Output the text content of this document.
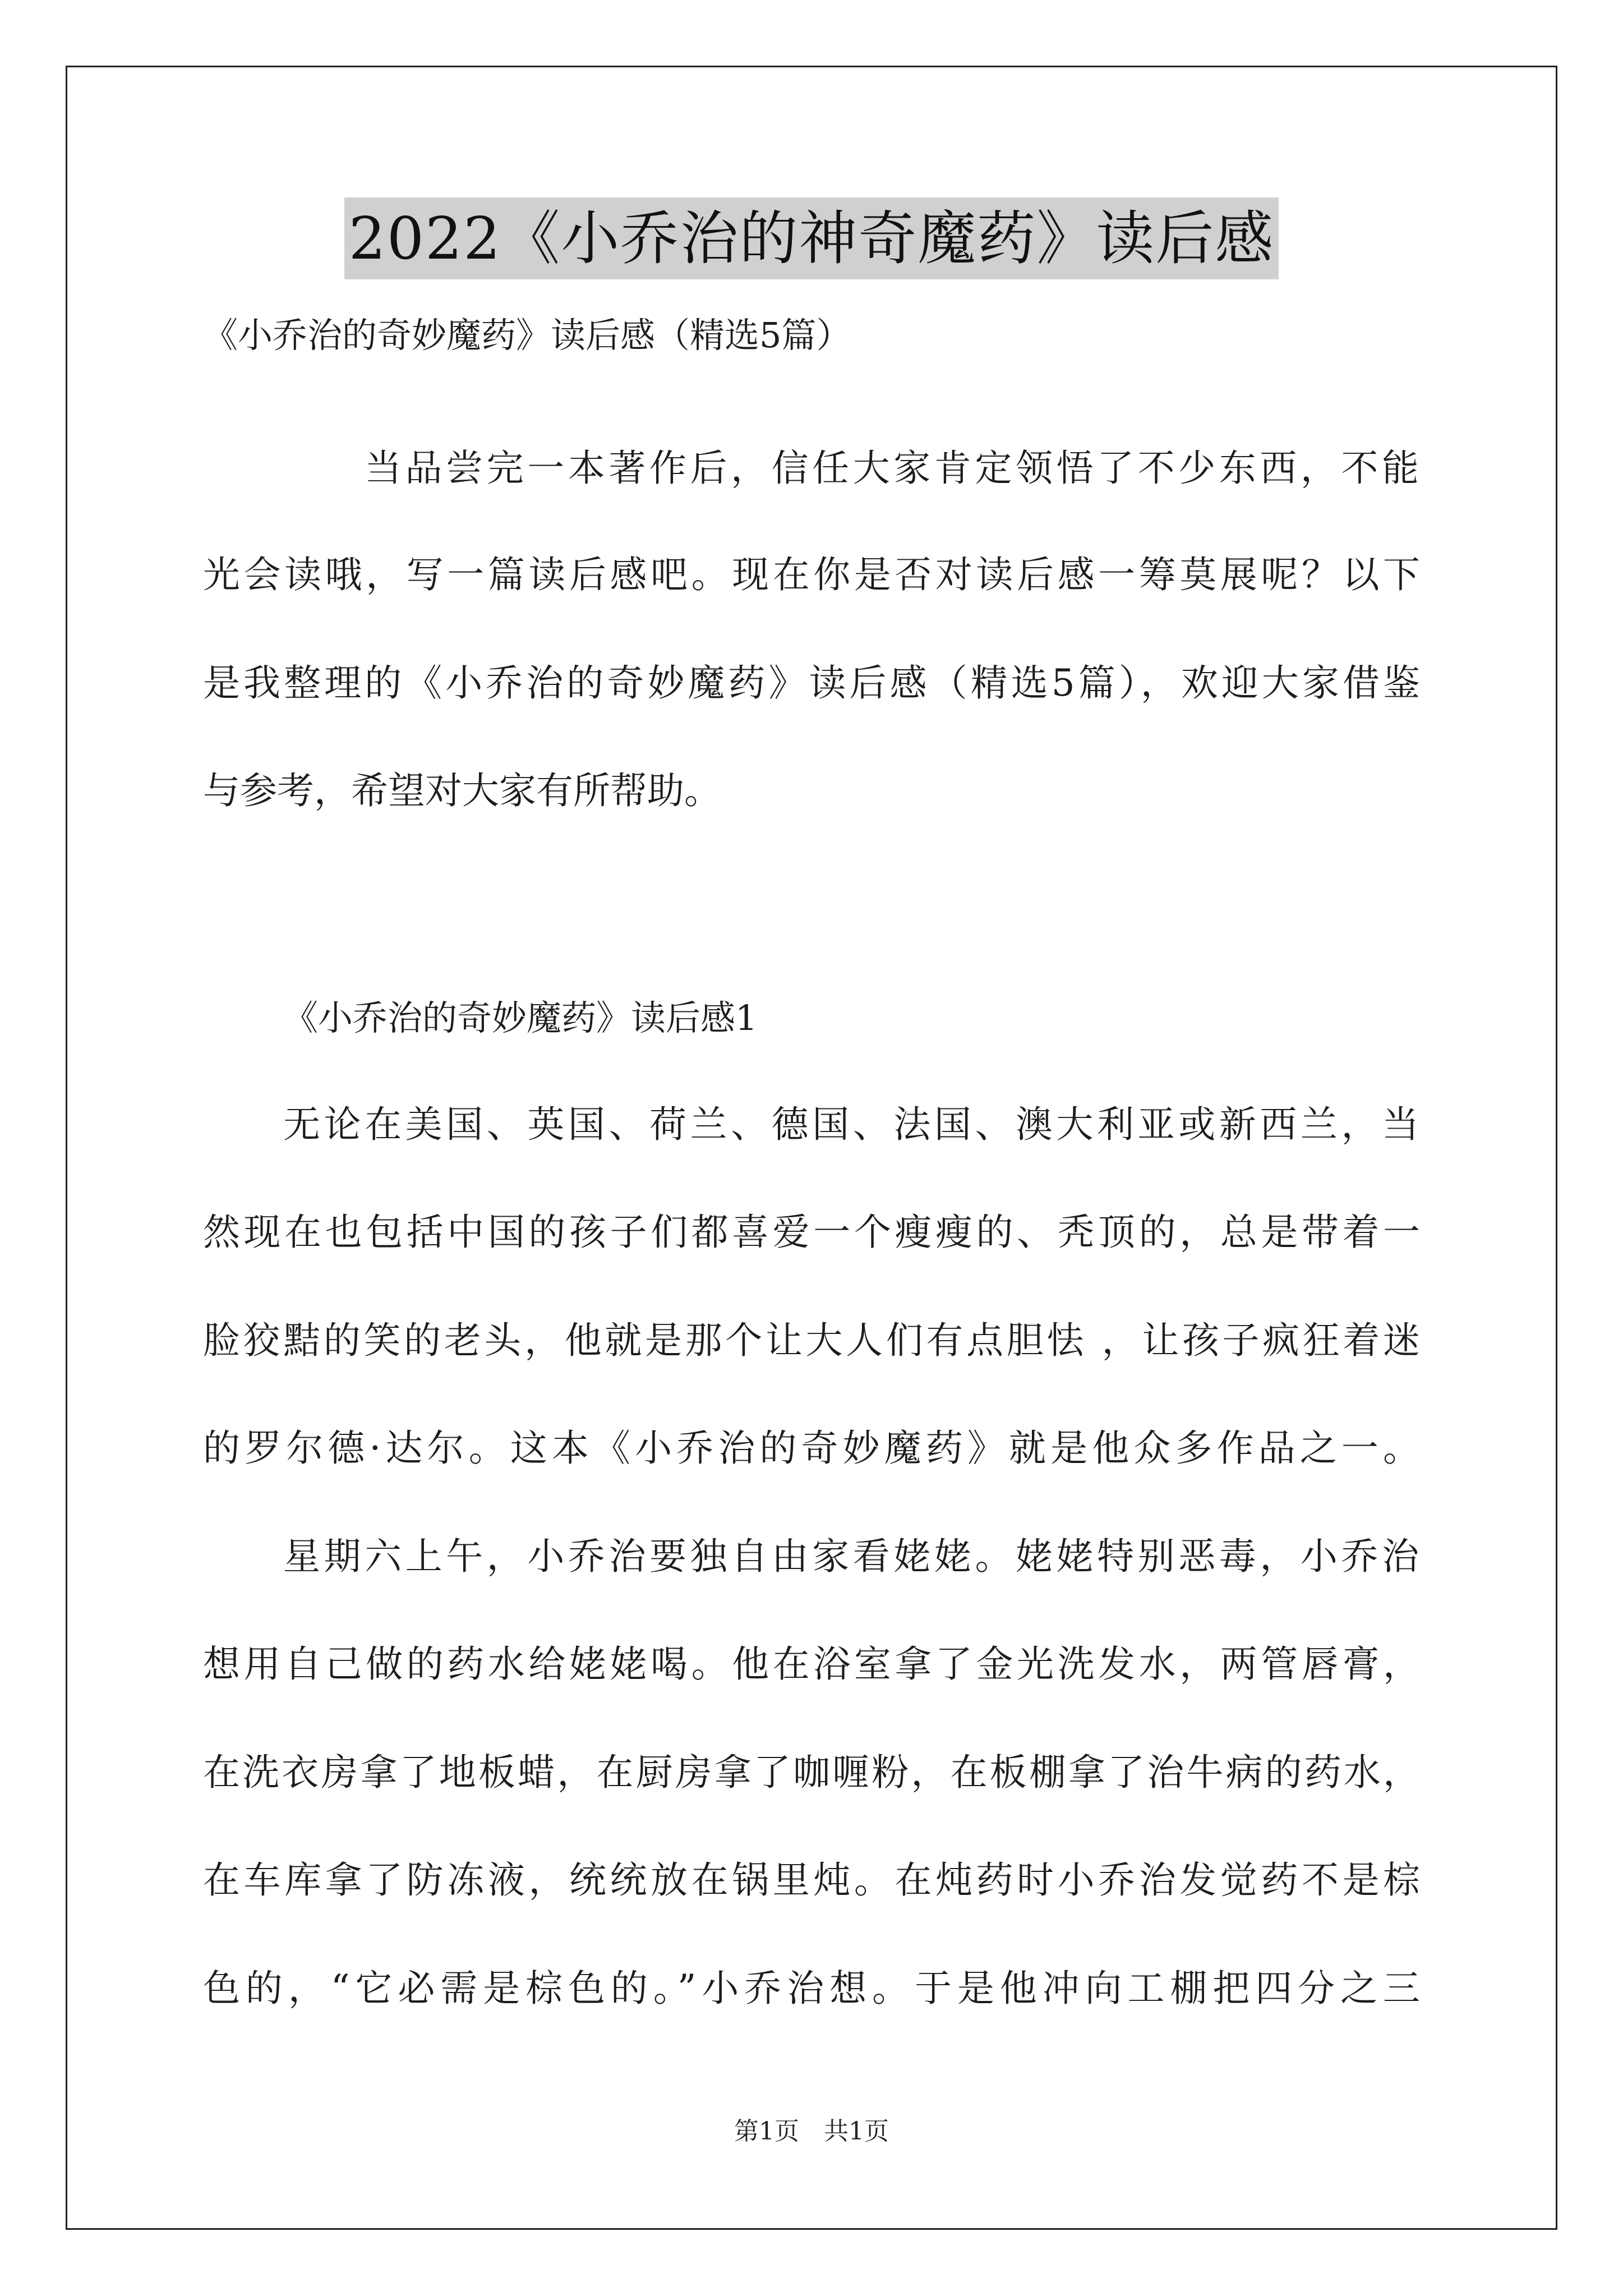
2022《小乔治的神奇魔药》读后感
《小乔治的奇妙魔药》读后感（精选5篇）
当品尝完一本著作后，信任大家肯定领悟了不少东西，不能
光会读哦，写一篇读后感吧。现在你是否对读后感一筹莫展呢？以下
是我整理的《小乔治的奇妙魔药》读后感（精选5篇），欢迎大家借鉴
与参考，希望对大家有所帮助。
《小乔治的奇妙魔药》读后感1
无论在美国、英国、荷兰、德国、法国、澳大利亚或新西兰，当
然现在也包括中国的孩子们都喜爱一个瘦瘦的、秃顶的，总是带着一
脸狡黠的笑的老头，他就是那个让大人们有点胆怯 ，让孩子疯狂着迷
的罗尔德·达尔。这本《小乔治的奇妙魔药》就是他众多作品之一。
星期六上午，小乔治要独自由家看姥姥。姥姥特别恶毒，小乔治
想用自己做的药水给姥姥喝。他在浴室拿了金光洗发水，两管唇膏，
在洗衣房拿了地板蜡，在厨房拿了咖喱粉，在板棚拿了治牛病的药水，
在车库拿了防冻液，统统放在锅里炖。在炖药时小乔治发觉药不是棕
色的，“它必需是棕色的。”小乔治想。于是他冲向工棚把四分之三
第1页　共1页
